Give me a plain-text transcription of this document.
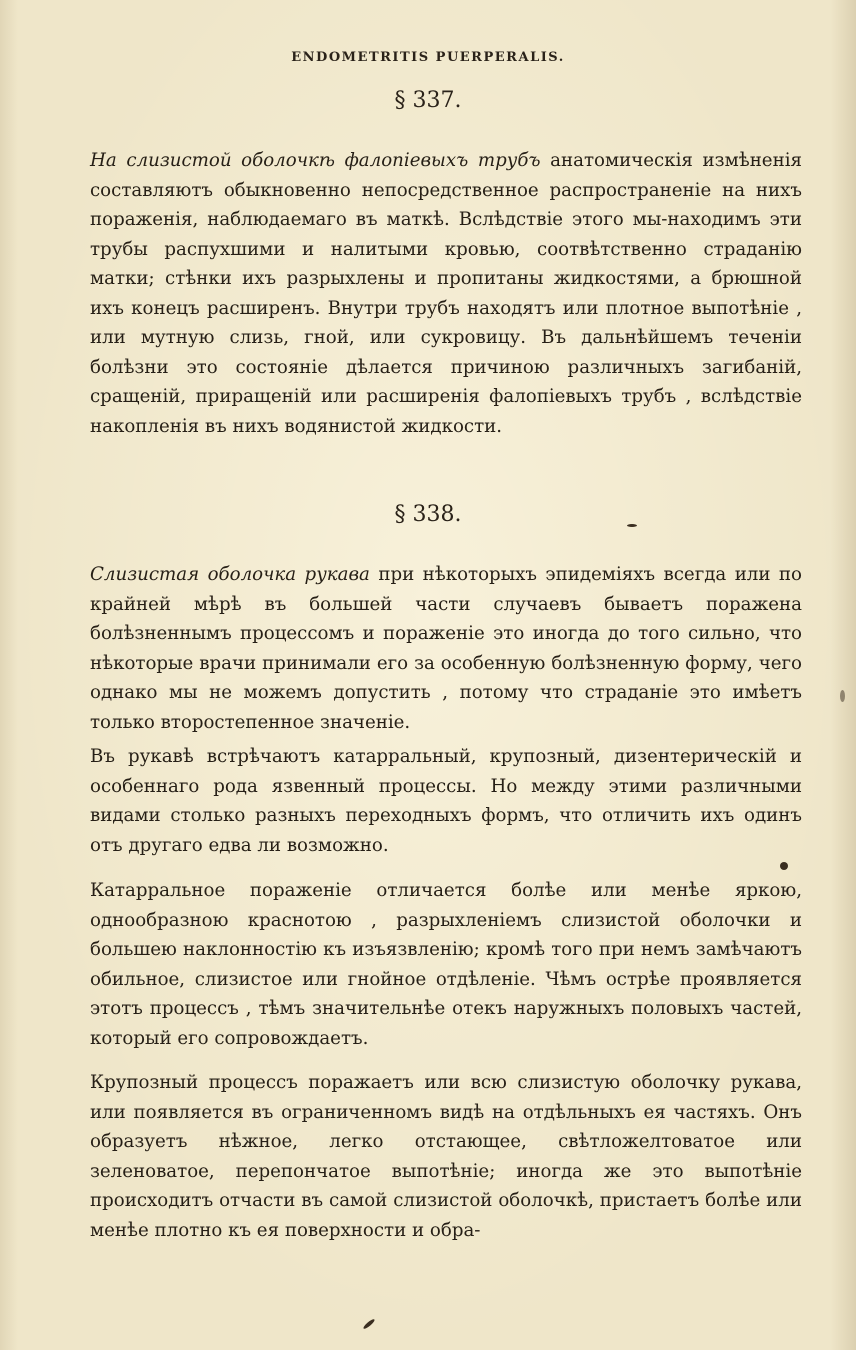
ENDOMETRITIS PUERPERALIS.
§ 337.

На слизистой оболочкѣ фалопіевыхъ трубъ анатомическія измѣненія составляютъ обыкновенно непосредственное распространеніе на нихъ пораженія, наблюдаемаго въ маткѣ. Вслѣдствіе этого мы-находимъ эти трубы распухшими и налитыми кровью, соотвѣтственно страданію матки; стѣнки ихъ разрыхлены и пропитаны жидкостями, а брюшной ихъ конецъ расширенъ. Внутри трубъ находятъ или плотное выпотѣніе , или мутную слизь, гной, или сукровицу. Въ дальнѣйшемъ теченіи болѣзни это состояніе дѣлается причиною различныхъ загибаній, сращеній, приращеній или расширенія фалопіевыхъ трубъ , вслѣдствіе накопленія въ нихъ водянистой жидкости.

§ 338.

Слизистая оболочка рукава при нѣкоторыхъ эпидеміяхъ всегда или по крайней мѣрѣ въ большей части случаевъ бываетъ поражена болѣзненнымъ процессомъ и пораженіе это иногда до того сильно, что нѣкоторые врачи принимали его за особенную болѣзненную форму, чего однако мы не можемъ допустить , потому что страданіе это имѣетъ только второстепенное значеніе.

Въ рукавѣ встрѣчаютъ катарральный, крупозный, дизентерическій и особеннаго рода язвенный процессы. Но между этими различными видами столько разныхъ переходныхъ формъ, что отличить ихъ одинъ отъ другаго едва ли возможно.

Катарральное пораженіе отличается болѣе или менѣе яркою, однообразною краснотою , разрыхленіемъ слизистой оболочки и большею наклонностію къ изъязвленію; кромѣ того при немъ замѣчаютъ обильное, слизистое или гнойное отдѣленіе. Чѣмъ острѣе проявляется этотъ процессъ , тѣмъ значительнѣе отекъ наружныхъ половыхъ частей, который его сопровождаетъ.

Крупозный процессъ поражаетъ или всю слизистую оболочку рукава, или появляется въ ограниченномъ видѣ на отдѣльныхъ ея частяхъ. Онъ образуетъ нѣжное, легко отстающее, свѣтложелтоватое или зеленоватое, перепончатое выпотѣніе; иногда же это выпотѣніе происходитъ отчасти въ самой слизистой оболочкѣ, пристаетъ болѣе или менѣе плотно къ ея поверхности и обра-
